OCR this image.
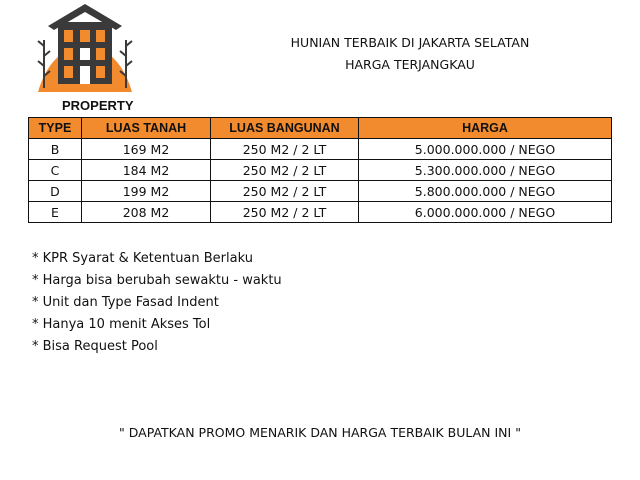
PROPERTY
HUNIAN TERBAIK DI JAKARTA SELATAN
HARGA TERJANGKAU
TYPE	LUAS TANAH	LUAS BANGUNAN	HARGA
B	169 M2	250 M2 / 2 LT	5.000.000.000 / NEGO
C	184 M2	250 M2 / 2 LT	5.300.000.000 / NEGO
D	199 M2	250 M2 / 2 LT	5.800.000.000 / NEGO
E	208 M2	250 M2 / 2 LT	6.000.000.000 / NEGO
* KPR Syarat & Ketentuan Berlaku
* Harga bisa berubah sewaktu - waktu
* Unit dan Type Fasad Indent
* Hanya 10 menit Akses Tol
* Bisa Request Pool
" DAPATKAN PROMO MENARIK DAN HARGA TERBAIK BULAN INI "
